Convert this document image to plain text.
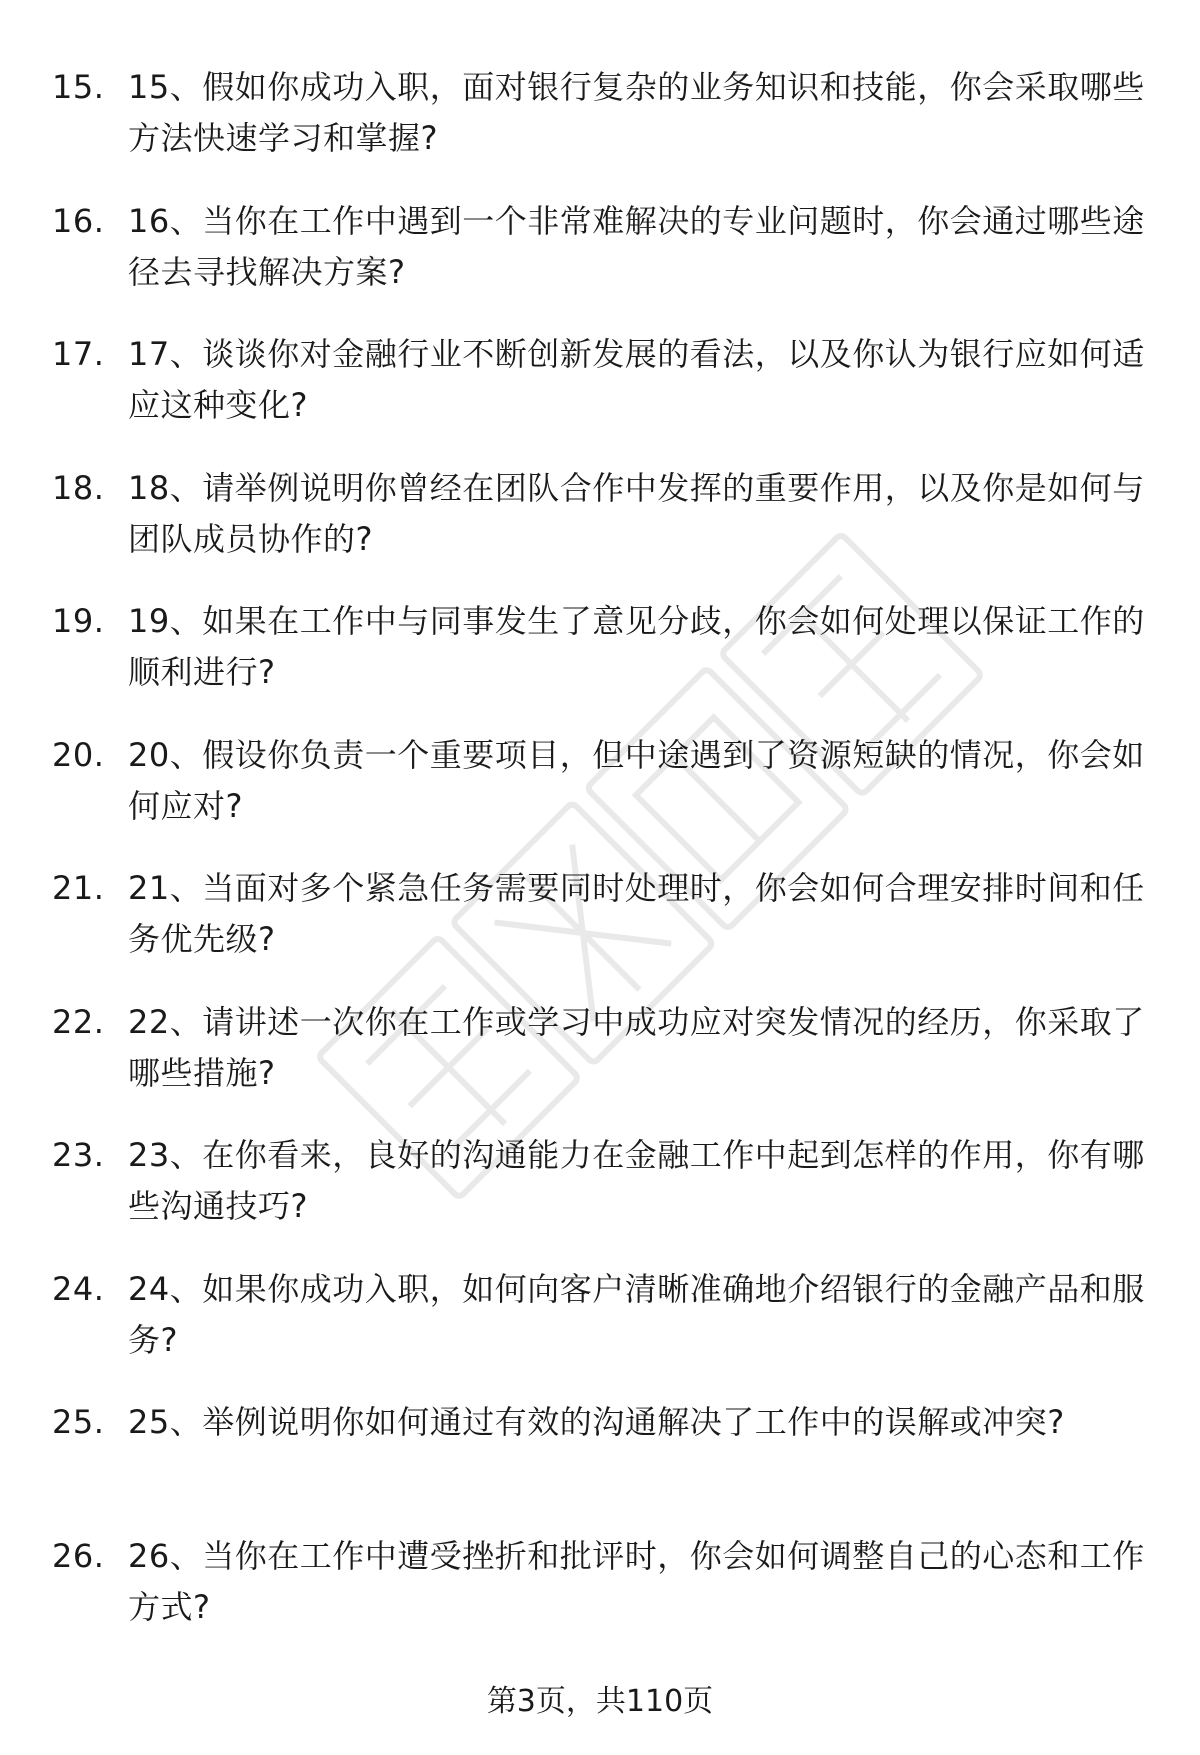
15. 15、假如你成功入职，面对银行复杂的业务知识和技能，你会采取哪些方法快速学习和掌握?
16. 16、当你在工作中遇到一个非常难解决的专业问题时，你会通过哪些途径去寻找解决方案?
17. 17、谈谈你对金融行业不断创新发展的看法，以及你认为银行应如何适应这种变化?
18. 18、请举例说明你曾经在团队合作中发挥的重要作用，以及你是如何与团队成员协作的?
19. 19、如果在工作中与同事发生了意见分歧，你会如何处理以保证工作的顺利进行?
20. 20、假设你负责一个重要项目，但中途遇到了资源短缺的情况，你会如何应对?
21. 21、当面对多个紧急任务需要同时处理时，你会如何合理安排时间和任务优先级?
22. 22、请讲述一次你在工作或学习中成功应对突发情况的经历，你采取了哪些措施?
23. 23、在你看来，良好的沟通能力在金融工作中起到怎样的作用，你有哪些沟通技巧?
24. 24、如果你成功入职，如何向客户清晰准确地介绍银行的金融产品和服务?
25. 25、举例说明你如何通过有效的沟通解决了工作中的误解或冲突?
26. 26、当你在工作中遭受挫折和批评时，你会如何调整自己的心态和工作方式?
第3页，共110页
